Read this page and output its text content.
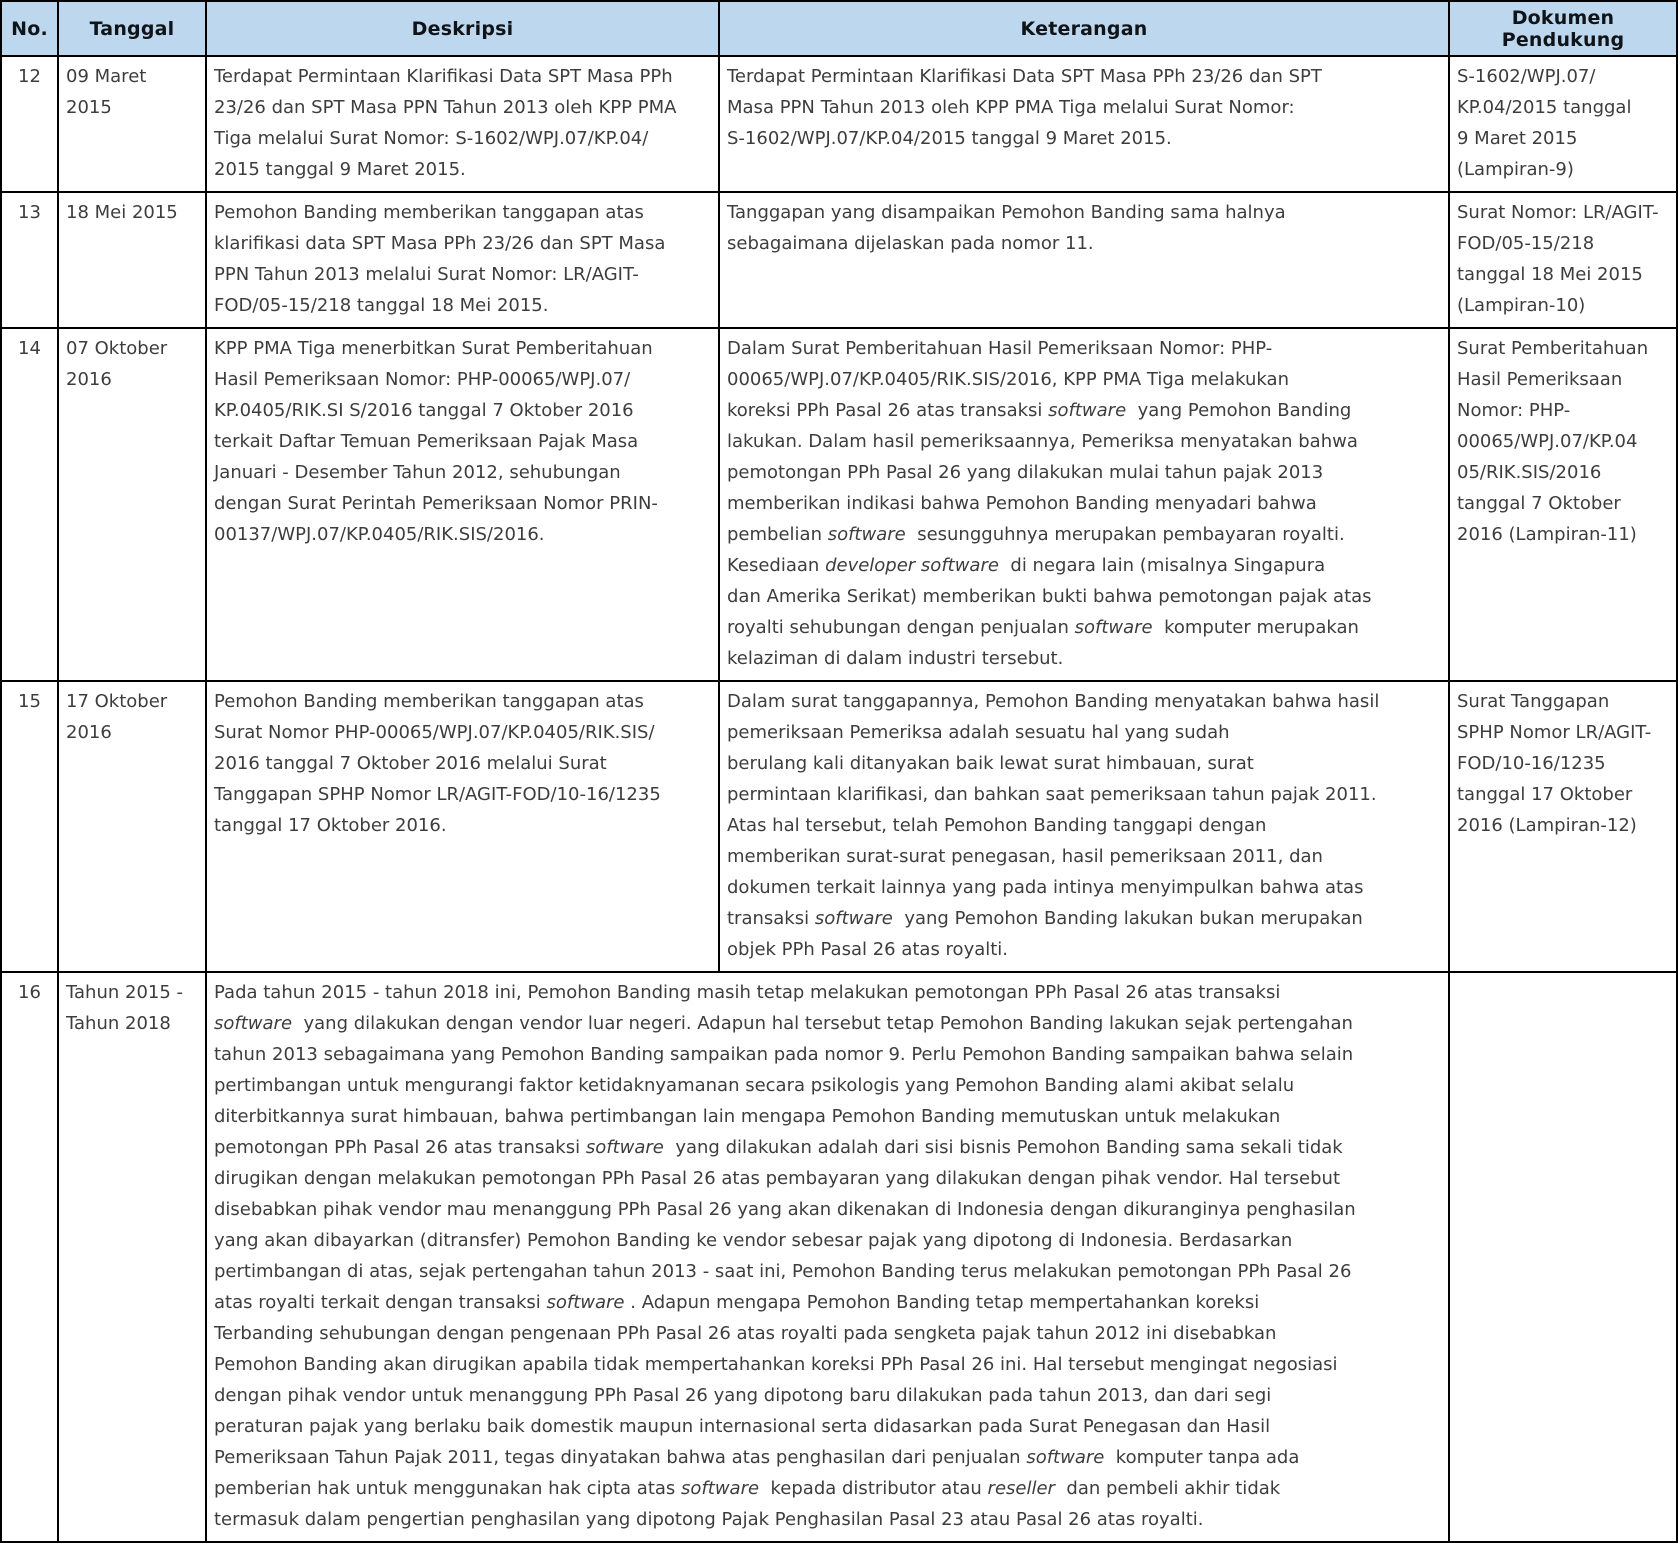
No.	Tanggal	Deskripsi	Keterangan	Dokumen Pendukung
12	09 Maret 2015	Terdapat Permintaan Klarifikasi Data SPT Masa PPh
23/26 dan SPT Masa PPN Tahun 2013 oleh KPP PMA
Tiga melalui Surat Nomor: S-1602/WPJ.07/KP.04/
2015 tanggal 9 Maret 2015.	Terdapat Permintaan Klarifikasi Data SPT Masa PPh 23/26 dan SPT
Masa PPN Tahun 2013 oleh KPP PMA Tiga melalui Surat Nomor:
S-1602/WPJ.07/KP.04/2015 tanggal 9 Maret 2015.	S-1602/WPJ.07/
KP.04/2015 tanggal
9 Maret 2015
(Lampiran-9)
13	18 Mei 2015	Pemohon Banding memberikan tanggapan atas
klarifikasi data SPT Masa PPh 23/26 dan SPT Masa
PPN Tahun 2013 melalui Surat Nomor: LR/AGIT-
FOD/05-15/218 tanggal 18 Mei 2015.	Tanggapan yang disampaikan Pemohon Banding sama halnya
sebagaimana dijelaskan pada nomor 11.	Surat Nomor: LR/AGIT-
FOD/05-15/218
tanggal 18 Mei 2015
(Lampiran-10)
14	07 Oktober
2016	KPP PMA Tiga menerbitkan Surat Pemberitahuan
Hasil Pemeriksaan Nomor: PHP-00065/WPJ.07/
KP.0405/RIK.SI S/2016 tanggal 7 Oktober 2016
terkait Daftar Temuan Pemeriksaan Pajak Masa
Januari - Desember Tahun 2012, sehubungan
dengan Surat Perintah Pemeriksaan Nomor PRIN-
00137/WPJ.07/KP.0405/RIK.SIS/2016.	Dalam Surat Pemberitahuan Hasil Pemeriksaan Nomor: PHP-
00065/WPJ.07/KP.0405/RIK.SIS/2016, KPP PMA Tiga melakukan
koreksi PPh Pasal 26 atas transaksi software yang Pemohon Banding
lakukan. Dalam hasil pemeriksaannya, Pemeriksa menyatakan bahwa
pemotongan PPh Pasal 26 yang dilakukan mulai tahun pajak 2013
memberikan indikasi bahwa Pemohon Banding menyadari bahwa
pembelian software sesungguhnya merupakan pembayaran royalti.
Kesediaan developer software di negara lain (misalnya Singapura
dan Amerika Serikat) memberikan bukti bahwa pemotongan pajak atas
royalti sehubungan dengan penjualan software komputer merupakan
kelaziman di dalam industri tersebut.	Surat Pemberitahuan
Hasil Pemeriksaan
Nomor: PHP-
00065/WPJ.07/KP.04
05/RIK.SIS/2016
tanggal 7 Oktober
2016 (Lampiran-11)
15	17 Oktober
2016	Pemohon Banding memberikan tanggapan atas
Surat Nomor PHP-00065/WPJ.07/KP.0405/RIK.SIS/
2016 tanggal 7 Oktober 2016 melalui Surat
Tanggapan SPHP Nomor LR/AGIT-FOD/10-16/1235
tanggal 17 Oktober 2016.	Dalam surat tanggapannya, Pemohon Banding menyatakan bahwa hasil
pemeriksaan Pemeriksa adalah sesuatu hal yang sudah
berulang kali ditanyakan baik lewat surat himbauan, surat
permintaan klarifikasi, dan bahkan saat pemeriksaan tahun pajak 2011.
Atas hal tersebut, telah Pemohon Banding tanggapi dengan
memberikan surat-surat penegasan, hasil pemeriksaan 2011, dan
dokumen terkait lainnya yang pada intinya menyimpulkan bahwa atas
transaksi software yang Pemohon Banding lakukan bukan merupakan
objek PPh Pasal 26 atas royalti.	Surat Tanggapan
SPHP Nomor LR/AGIT-
FOD/10-16/1235
tanggal 17 Oktober
2016 (Lampiran-12)
16	Tahun 2015 -
Tahun 2018	Pada tahun 2015 - tahun 2018 ini, Pemohon Banding masih tetap melakukan pemotongan PPh Pasal 26 atas transaksi
software yang dilakukan dengan vendor luar negeri. Adapun hal tersebut tetap Pemohon Banding lakukan sejak pertengahan
tahun 2013 sebagaimana yang Pemohon Banding sampaikan pada nomor 9. Perlu Pemohon Banding sampaikan bahwa selain
pertimbangan untuk mengurangi faktor ketidaknyamanan secara psikologis yang Pemohon Banding alami akibat selalu
diterbitkannya surat himbauan, bahwa pertimbangan lain mengapa Pemohon Banding memutuskan untuk melakukan
pemotongan PPh Pasal 26 atas transaksi software yang dilakukan adalah dari sisi bisnis Pemohon Banding sama sekali tidak
dirugikan dengan melakukan pemotongan PPh Pasal 26 atas pembayaran yang dilakukan dengan pihak vendor. Hal tersebut
disebabkan pihak vendor mau menanggung PPh Pasal 26 yang akan dikenakan di Indonesia dengan dikuranginya penghasilan
yang akan dibayarkan (ditransfer) Pemohon Banding ke vendor sebesar pajak yang dipotong di Indonesia. Berdasarkan
pertimbangan di atas, sejak pertengahan tahun 2013 - saat ini, Pemohon Banding terus melakukan pemotongan PPh Pasal 26
atas royalti terkait dengan transaksi software . Adapun mengapa Pemohon Banding tetap mempertahankan koreksi
Terbanding sehubungan dengan pengenaan PPh Pasal 26 atas royalti pada sengketa pajak tahun 2012 ini disebabkan
Pemohon Banding akan dirugikan apabila tidak mempertahankan koreksi PPh Pasal 26 ini. Hal tersebut mengingat negosiasi
dengan pihak vendor untuk menanggung PPh Pasal 26 yang dipotong baru dilakukan pada tahun 2013, dan dari segi
peraturan pajak yang berlaku baik domestik maupun internasional serta didasarkan pada Surat Penegasan dan Hasil
Pemeriksaan Tahun Pajak 2011, tegas dinyatakan bahwa atas penghasilan dari penjualan software komputer tanpa ada
pemberian hak untuk menggunakan hak cipta atas software kepada distributor atau reseller dan pembeli akhir tidak
termasuk dalam pengertian penghasilan yang dipotong Pajak Penghasilan Pasal 23 atau Pasal 26 atas royalti.	
